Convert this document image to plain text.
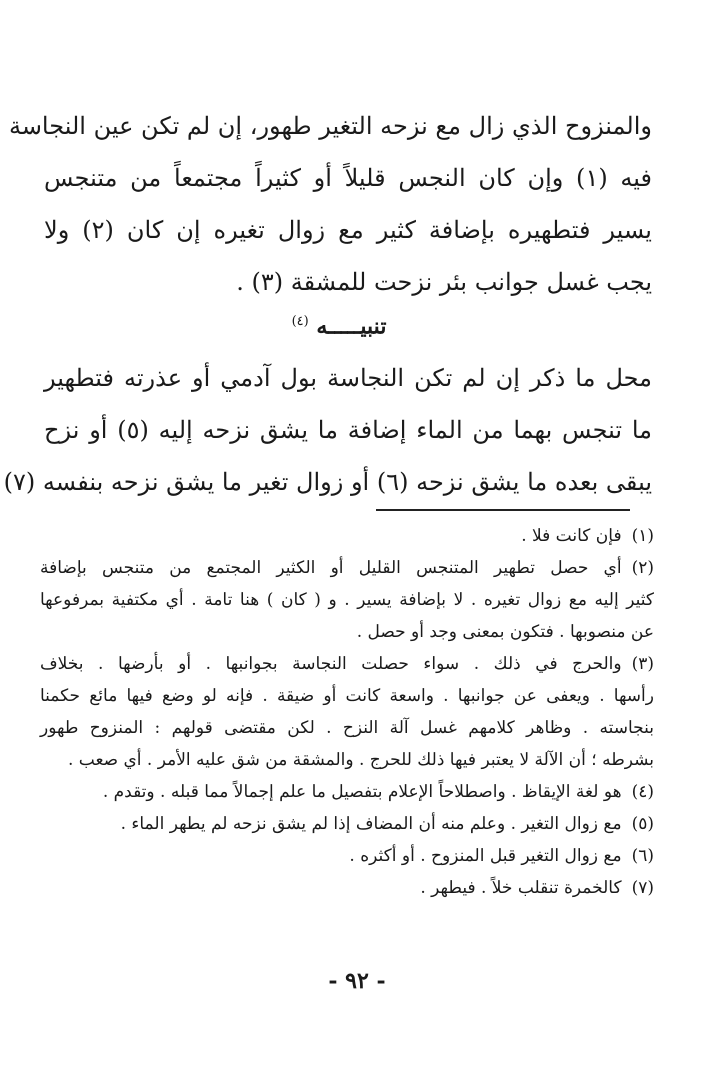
والمنزوح الذي زال مع نزحه التغير طهور، إن لم تكن عين النجاسة
فيه (١) وإن كان النجس قليلاً أو كثيراً مجتمعاً من متنجس
يسير فتطهيره بإضافة كثير مع زوال تغيره إن كان (٢) ولا
يجب غسل جوانب بئر نزحت للمشقة (٣) .
تنبيـــــه $^{(٤)}$
محل ما ذكر إن لم تكن النجاسة بول آدمي أو عذرته فتطهير
ما تنجس بهما من الماء إضافة ما يشق نزحه إليه (٥) أو نزح
يبقى بعده ما يشق نزحه (٦) أو زوال تغير ما يشق نزحه بنفسه (٧)
(١)فإن كانت فلا .
(٢)أي حصل تطهير المتنجس القليل أو الكثير المجتمع من متنجس بإضافة
كثير إليه مع زوال تغيره . لا بإضافة يسير . و ( كان ) هنا تامة . أي مكتفية بمرفوعها
عن منصوبها . فتكون بمعنى وجد أو حصل .
(٣)والحرج في ذلك . سواء حصلت النجاسة بجوانبها . أو بأرضها . بخلاف
رأسها . ويعفى عن جوانبها . واسعة كانت أو ضيقة . فإنه لو وضع فيها مائع حكمنا
بنجاسته . وظاهر كلامهم غسل آلة النزح . لكن مقتضى قولهم : المنزوح طهور
بشرطه ؛ أن الآلة لا يعتبر فيها ذلك للحرج . والمشقة من شق عليه الأمر . أي صعب .
(٤)هو لغة الإيقاظ . واصطلاحاً الإعلام بتفصيل ما علم إجمالاً مما قبله . وتقدم .
(٥)مع زوال التغير . وعلم منه أن المضاف إذا لم يشق نزحه لم يطهر الماء .
(٦)مع زوال التغير قبل المنزوح . أو أكثره .
(٧)كالخمرة تنقلب خلاً . فيطهر .
- ٩٢ -
